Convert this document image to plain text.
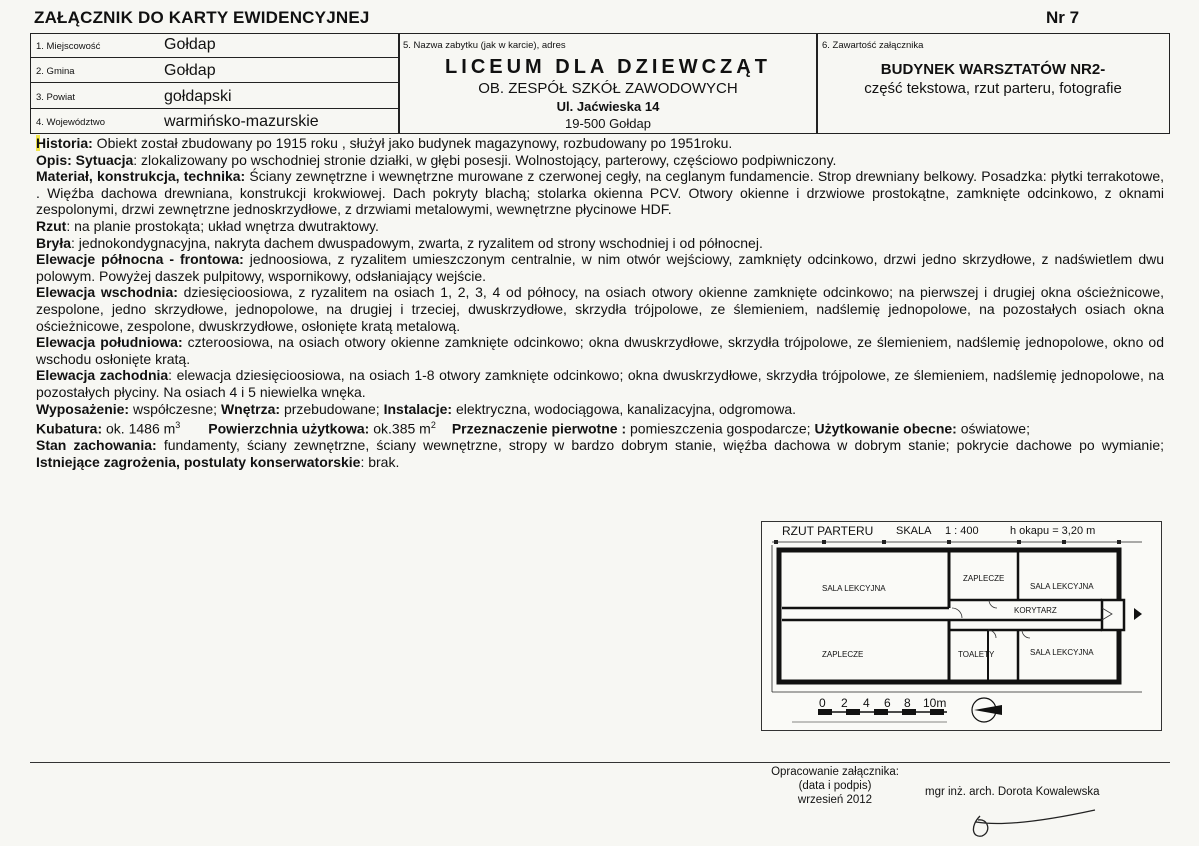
ZAŁĄCZNIK DO KARTY EWIDENCYJNEJ	Nr 7
1. Miejscowość	Gołdap
2. Gmina	Gołdap
3. Powiat	gołdapski
4. Województwo	warmińsko-mazurskie
5. Nazwa zabytku (jak w karcie), adres
LICEUM DLA DZIEWCZĄT
OB. ZESPÓŁ SZKÓŁ ZAWODOWYCH
Ul. Jaćwieska 14
19-500 Gołdap
6. Zawartość załącznika
BUDYNEK WARSZTATÓW NR2-
część tekstowa, rzut parteru, fotografie

Historia: Obiekt został zbudowany po 1915 roku , służył jako budynek magazynowy, rozbudowany po 1951roku.

Opis: Sytuacja: zlokalizowany po wschodniej stronie działki, w głębi posesji. Wolnostojący, parterowy, częściowo podpiwniczony.

Materiał, konstrukcja, technika: Ściany zewnętrzne i wewnętrzne murowane z czerwonej cegły, na ceglanym fundamencie. Strop drewniany belkowy. Posadzka: płytki terrakotowe, . Więźba dachowa drewniana, konstrukcji krokwiowej. Dach pokryty blachą; stolarka okienna PCV. Otwory okienne i drzwiowe prostokątne, zamknięte odcinkowo, z oknami zespolonymi, drzwi zewnętrzne jednoskrzydłowe, z drzwiami metalowymi, wewnętrzne płycinowe HDF.

Rzut: na planie prostokąta; układ wnętrza dwutraktowy.

Bryła: jednokondygnacyjna, nakryta dachem dwuspadowym, zwarta, z ryzalitem od strony wschodniej i od północnej.

Elewacje północna - frontowa: jednoosiowa, z ryzalitem umieszczonym centralnie, w nim otwór wejściowy, zamknięty odcinkowo, drzwi jedno skrzydłowe, z nadświetlem dwu polowym. Powyżej daszek pulpitowy, wspornikowy, odsłaniający wejście.

Elewacja wschodnia: dziesięcioosiowa, z ryzalitem na osiach 1, 2, 3, 4 od północy, na osiach otwory okienne zamknięte odcinkowo; na pierwszej i drugiej okna ościeżnicowe, zespolone, jedno skrzydłowe, jednopolowe, na drugiej i trzeciej, dwuskrzydłowe, skrzydła trójpolowe, ze ślemieniem, nadślemię jednopolowe, na pozostałych osiach okna ościeżnicowe, zespolone, dwuskrzydłowe, osłonięte kratą metalową.

Elewacja południowa: czteroosiowa, na osiach otwory okienne zamknięte odcinkowo; okna dwuskrzydłowe, skrzydła trójpolowe, ze ślemieniem, nadślemię jednopolowe, okno od wschodu osłonięte kratą.

Elewacja zachodnia: elewacja dziesięcioosiowa, na osiach 1-8 otwory zamknięte odcinkowo; okna dwuskrzydłowe, skrzydła trójpolowe, ze ślemieniem, nadślemię jednopolowe, na pozostałych płyciny. Na osiach 4 i 5 niewielka wnęka.

Wyposażenie: współczesne; Wnętrza: przebudowane; Instalacje: elektryczna, wodociągowa, kanalizacyjna, odgromowa.

Kubatura: ok. 1486 $m^3$ Powierzchnia użytkowa: ok.385 $m^2$ Przeznaczenie pierwotne : pomieszczenia gospodarcze; Użytkowanie obecne: oświatowe;

Stan zachowania: fundamenty, ściany zewnętrzne, ściany wewnętrzne, stropy w bardzo dobrym stanie, więźba dachowa w dobrym stanie; pokrycie dachowe po wymianie; Istniejące zagrożenia, postulaty konserwatorskie: brak.

RZUT PARTERU SKALA 1 : 400	h okapu = 3,20 m
SALA LEKCYJNA
ZAPLECZE
SALA LEKCYJNA
KORYTARZ
ZAPLECZE	TOALETY	SALA LEKCYJNA
0 2 4 6 8 10m
Opracowanie załącznika:
(data i podpis)
wrzesień 2012
mgr inż. arch. Dorota Kowalewska
